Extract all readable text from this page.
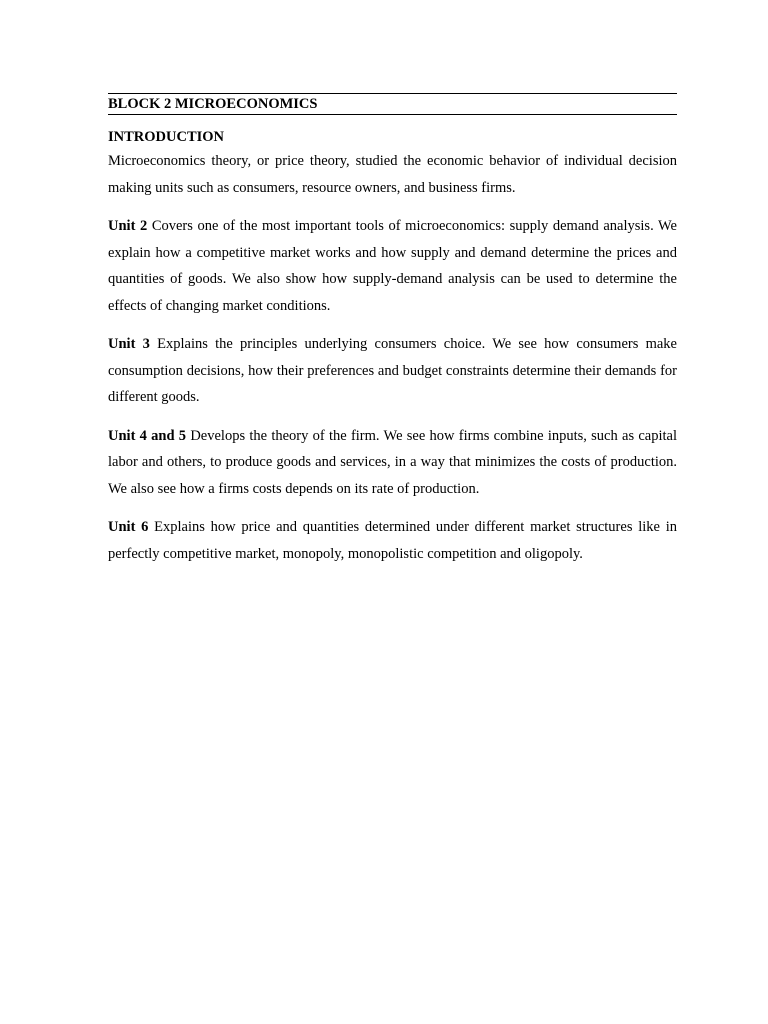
BLOCK 2 MICROECONOMICS
INTRODUCTION

Microeconomics theory, or price theory, studied the economic behavior of individual decision making units such as consumers, resource owners, and business firms.

Unit 2 Covers one of the most important tools of microeconomics: supply demand analysis. We explain how a competitive market works and how supply and demand determine the prices and quantities of goods. We also show how supply-demand analysis can be used to determine the effects of changing market conditions.

Unit 3 Explains the principles underlying consumers choice. We see how consumers make consumption decisions, how their preferences and budget constraints determine their demands for different goods.

Unit 4 and 5 Develops the theory of the firm. We see how firms combine inputs, such as capital labor and others, to produce goods and services, in a way that minimizes the costs of production. We also see how a firms costs depends on its rate of production.

Unit 6 Explains how price and quantities determined under different market structures like in perfectly competitive market, monopoly, monopolistic competition and oligopoly.
